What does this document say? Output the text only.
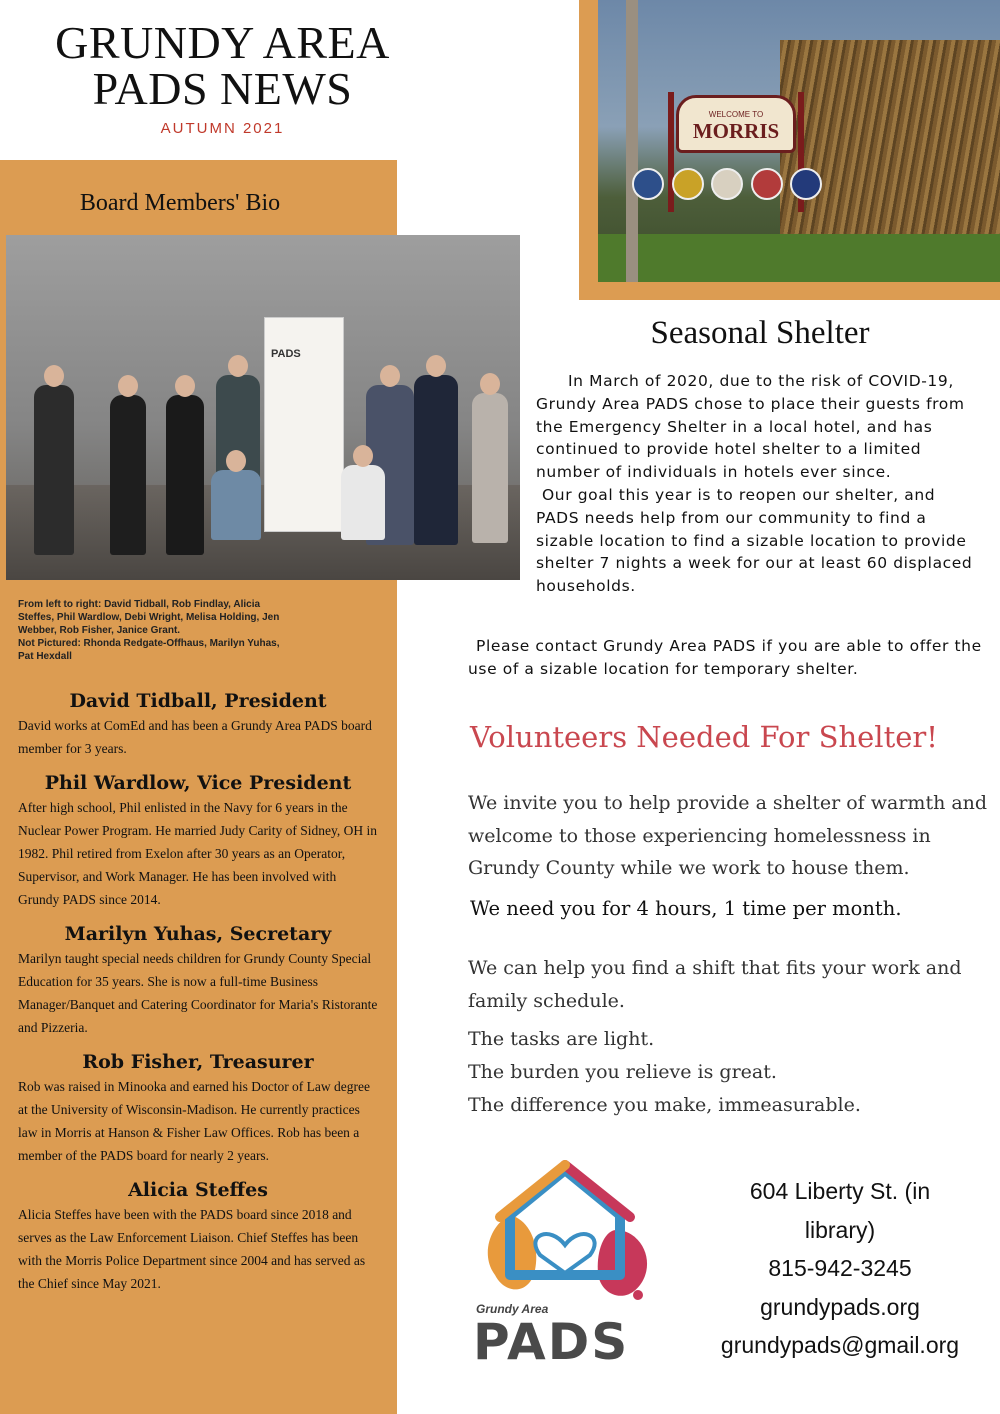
GRUNDY AREA
PADS NEWS
AUTUMN 2021
Board Members' Bio
PADS
From left to right: David Tidball, Rob Findlay, Alicia
Steffes, Phil Wardlow, Debi Wright, Melisa Holding, Jen
Webber, Rob Fisher, Janice Grant.
Not Pictured: Rhonda Redgate-Offhaus, Marilyn Yuhas,
Pat Hexdall
David Tidball, President

David works at ComEd and has been a Grundy Area PADS board member for 3 years.

Phil Wardlow, Vice President

After high school, Phil enlisted in the Navy for 6 years in the Nuclear Power Program. He married Judy Carity of Sidney, OH in 1982. Phil retired from Exelon after 30 years as an Operator, Supervisor, and Work Manager. He has been involved with Grundy PADS since 2014.

Marilyn Yuhas, Secretary

Marilyn taught special needs children for Grundy County Special Education for 35 years. She is now a full-time Business Manager/Banquet and Catering Coordinator for Maria's Ristorante and Pizzeria.

Rob Fisher, Treasurer

Rob was raised in Minooka and earned his Doctor of Law degree at the University of Wisconsin-Madison. He currently practices law in Morris at Hanson & Fisher Law Offices. Rob has been a member of the PADS board for nearly 2 years.

Alicia Steffes

Alicia Steffes have been with the PADS board since 2018 and serves as the Law Enforcement Liaison. Chief Steffes has been with the Morris Police Department since 2004 and has served as the Chief since May 2021.

WELCOME TO
MORRIS
Seasonal Shelter

In March of 2020, due to the risk of COVID-19, Grundy Area PADS chose to place their guests from the Emergency Shelter in a local hotel, and has continued to provide hotel shelter to a limited number of individuals in hotels ever since.

Our goal this year is to reopen our shelter, and PADS needs help from our community to find a sizable location to find a sizable location to provide shelter 7 nights a week for our at least 60 displaced households.

Please contact Grundy Area PADS if you are able to offer the use of a sizable location for temporary shelter.
Volunteers Needed For Shelter!
We invite you to help provide a shelter of warmth and welcome to those experiencing homelessness in Grundy County while we work to house them.
We need you for 4 hours, 1 time per month.
We can help you find a shift that fits your work and family schedule.
The tasks are light.
The burden you relieve is great.
The difference you make, immeasurable.
Grundy Area
PADS
604 Liberty St. (in
library)
815-942-3245
grundypads.org
grundypads@gmail.org
